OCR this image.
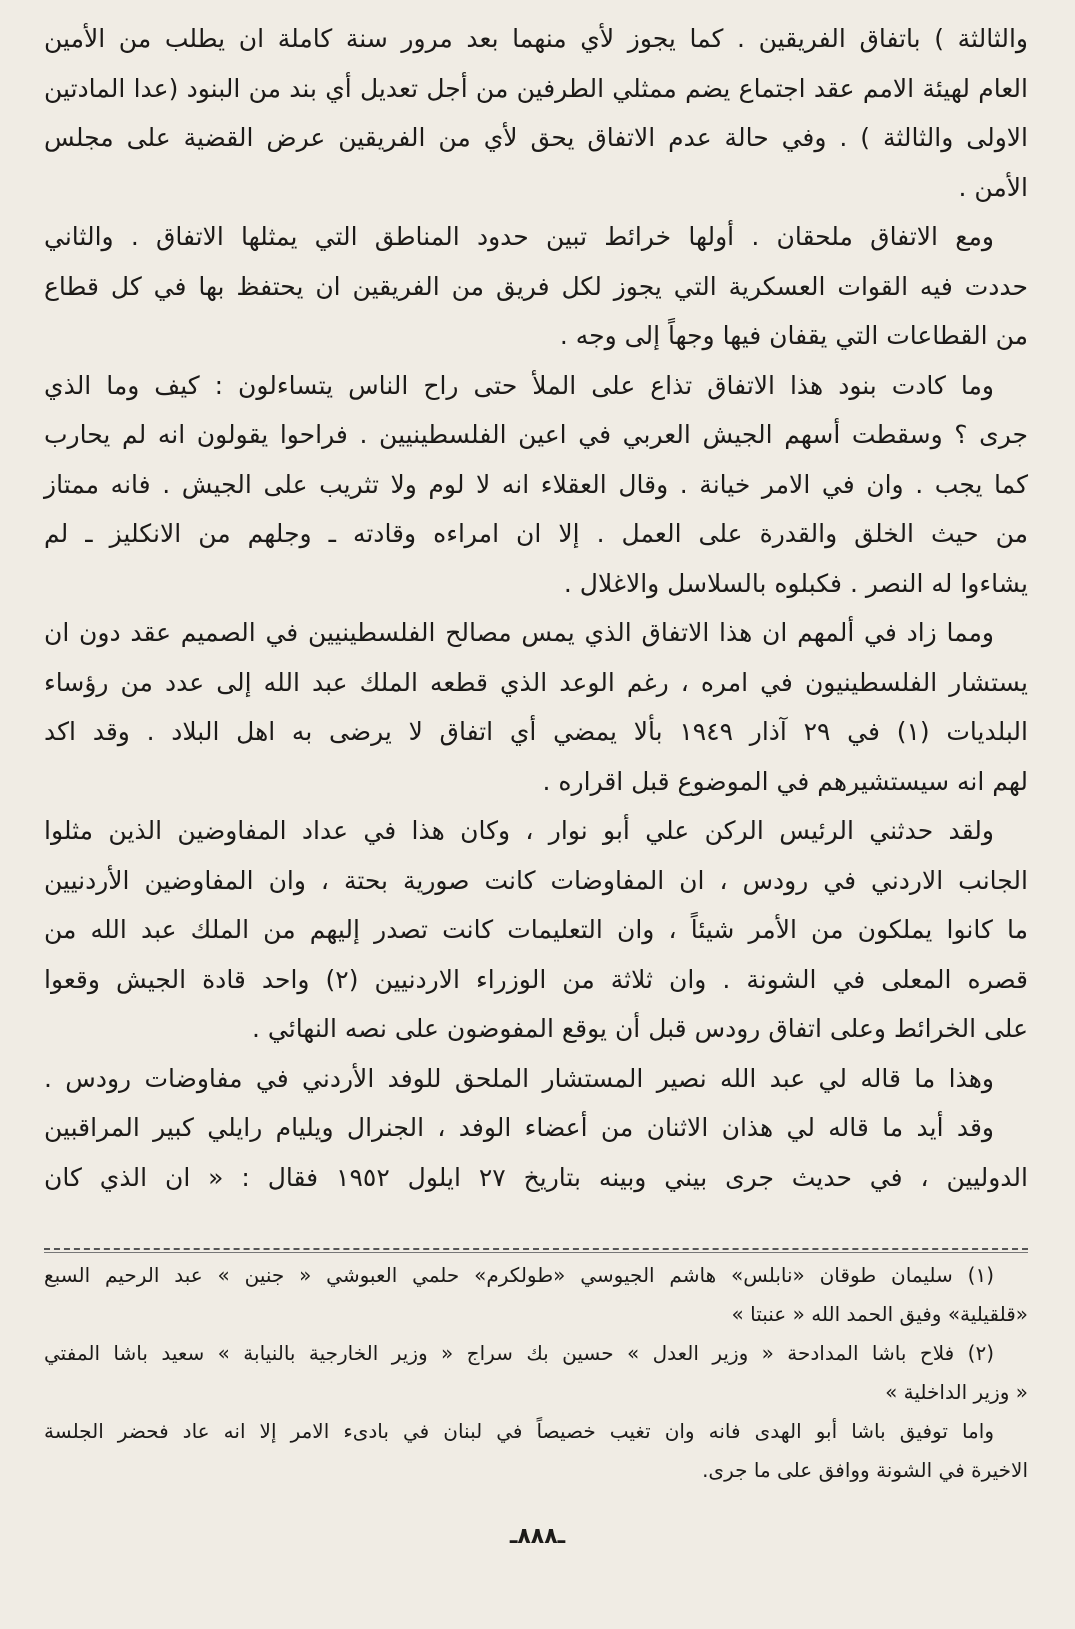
والثالثة ) باتفاق الفريقين . كما يجوز لأي منهما بعد مرور سنة كاملة ان يطلب من الأمين
العام لهيئة الامم عقد اجتماع يضم ممثلي الطرفين من أجل تعديل أي بند من البنود (عدا المادتين
الاولى والثالثة ) . وفي حالة عدم الاتفاق يحق لأي من الفريقين عرض القضية على مجلس
الأمن .
ومع الاتفاق ملحقان . أولها خرائط تبين حدود المناطق التي يمثلها الاتفاق . والثاني
حددت فيه القوات العسكرية التي يجوز لكل فريق من الفريقين ان يحتفظ بها في كل قطاع
من القطاعات التي يقفان فيها وجهاً إلى وجه .
وما كادت بنود هذا الاتفاق تذاع على الملأ حتى راح الناس يتساءلون : كيف وما الذي
جرى ؟ وسقطت أسهم الجيش العربي في اعين الفلسطينيين . فراحوا يقولون انه لم يحارب
كما يجب . وان في الامر خيانة . وقال العقلاء انه لا لوم ولا تثريب على الجيش . فانه ممتاز
من حيث الخلق والقدرة على العمل . إلا ان امراءه وقادته ـ وجلهم من الانكليز ـ لم
يشاءوا له النصر . فكبلوه بالسلاسل والاغلال .
ومما زاد في ألمهم ان هذا الاتفاق الذي يمس مصالح الفلسطينيين في الصميم عقد دون ان
يستشار الفلسطينيون في امره ، رغم الوعد الذي قطعه الملك عبد الله إلى عدد من رؤساء
البلديات (١) في ٢٩ آذار ١٩٤٩ بألا يمضي أي اتفاق لا يرضى به اهل البلاد . وقد اكد
لهم انه سيستشيرهم في الموضوع قبل اقراره .
ولقد حدثني الرئيس الركن علي أبو نوار ، وكان هذا في عداد المفاوضين الذين مثلوا
الجانب الاردني في رودس ، ان المفاوضات كانت صورية بحتة ، وان المفاوضين الأردنيين
ما كانوا يملكون من الأمر شيئاً ، وان التعليمات كانت تصدر إليهم من الملك عبد الله من
قصره المعلى في الشونة . وان ثلاثة من الوزراء الاردنيين (٢) واحد قادة الجيش وقعوا
على الخرائط وعلى اتفاق رودس قبل أن يوقع المفوضون على نصه النهائي .
وهذا ما قاله لي عبد الله نصير المستشار الملحق للوفد الأردني في مفاوضات رودس .
وقد أيد ما قاله لي هذان الاثنان من أعضاء الوفد ، الجنرال ويليام رايلي كبير المراقبين
الدوليين ، في حديث جرى بيني وبينه بتاريخ ٢٧ ايلول ١٩٥٢ فقال : « ان الذي كان
(١) سليمان طوقان «نابلس» هاشم الجيوسي «طولكرم» حلمي العبوشي « جنين » عبد الرحيم السبع
«قلقيلية» وفيق الحمد الله « عنبتا »
(٢) فلاح باشا المدادحة « وزير العدل » حسين بك سراج « وزير الخارجية بالنيابة » سعيد باشا المفتي
« وزير الداخلية »
واما توفيق باشا أبو الهدى فانه وان تغيب خصيصاً في لبنان في بادىء الامر إلا انه عاد فحضر الجلسة
الاخيرة في الشونة ووافق على ما جرى.
ـ٨٨٨ـ
